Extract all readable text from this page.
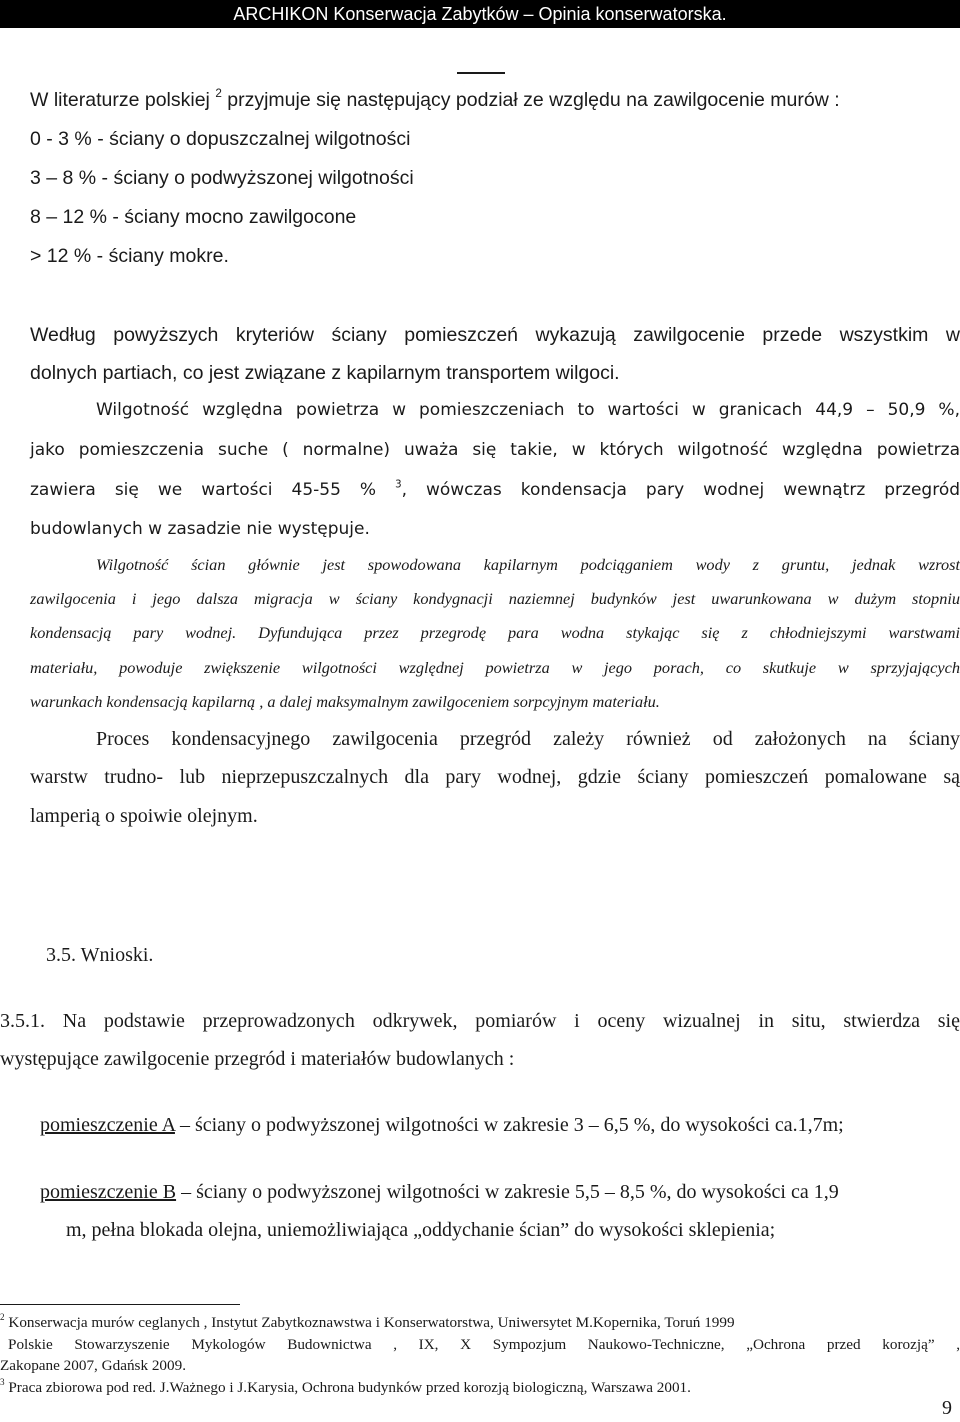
ARCHIKON Konserwacja Zabytków – Opinia konserwatorska.
W literaturze polskiej $^2$ przyjmuje się następujący podział ze względu na zawilgocenie murów :
0 - 3 % - ściany o dopuszczalnej wilgotności
3 – 8 % - ściany o podwyższonej wilgotności
8 – 12 % - ściany mocno zawilgocone
> 12 % - ściany mokre.
Według powyższych kryteriów ściany pomieszczeń wykazują zawilgocenie przede wszystkim w
dolnych partiach, co jest związane z kapilarnym transportem wilgoci.
Wilgotność względna powietrza w pomieszczeniach to wartości w granicach 44,9 – 50,9 %,
jako pomieszczenia suche ( normalne) uważa się takie, w których wilgotność względna powietrza
zawiera się we wartości 45-55 % $^3$, wówczas kondensacja pary wodnej wewnątrz przegród
budowlanych w zasadzie nie występuje.
Wilgotność ścian głównie jest spowodowana kapilarnym podciąganiem wody z gruntu, jednak wzrost
zawilgocenia i jego dalsza migracja w ściany kondygnacji naziemnej budynków jest uwarunkowana w dużym stopniu
kondensacją pary wodnej. Dyfundująca przez przegrodę para wodna stykając się z chłodniejszymi warstwami
materiału, powoduje zwiększenie wilgotności względnej powietrza w jego porach, co skutkuje w sprzyjających
warunkach kondensacją kapilarną , a dalej maksymalnym zawilgoceniem sorpcyjnym materiału.
Proces kondensacyjnego zawilgocenia przegród zależy również od założonych na ściany
warstw trudno- lub nieprzepuszczalnych dla pary wodnej, gdzie ściany pomieszczeń pomalowane są
lamperią o spoiwie olejnym.
3.5. Wnioski.
3.5.1. Na podstawie przeprowadzonych odkrywek, pomiarów i oceny wizualnej in situ, stwierdza się
występujące zawilgocenie przegród i materiałów budowlanych :
pomieszczenie A – ściany o podwyższonej wilgotności w zakresie 3 – 6,5 %, do wysokości ca.1,7m;
pomieszczenie B – ściany o podwyższonej wilgotności w zakresie 5,5 – 8,5 %, do wysokości ca 1,9
m, pełna blokada olejna, uniemożliwiająca „oddychanie ścian” do wysokości sklepienia;
$^2$ Konserwacja murów ceglanych , Instytut Zabytkoznawstwa i Konserwatorstwa, Uniwersytet M.Kopernika, Toruń 1999
Polskie Stowarzyszenie Mykologów Budownictwa , IX, X Sympozjum Naukowo-Techniczne, „Ochrona przed korozją” ,
Zakopane 2007, Gdańsk 2009.
$^3$ Praca zbiorowa pod red. J.Ważnego i J.Karysia, Ochrona budynków przed korozją biologiczną, Warszawa 2001.
9
